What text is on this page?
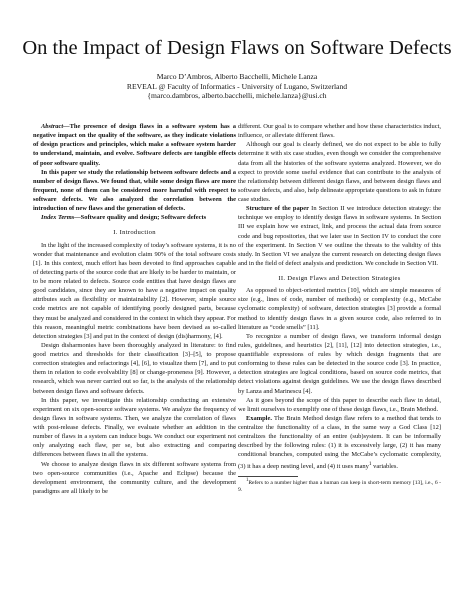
On the Impact of Design Flaws on Software Defects
Marco D’Ambros, Alberto Bacchelli, Michele Lanza
REVEAL @ Faculty of Informatics - University of Lugano, Switzerland
{marco.dambros, alberto.bacchelli, michele.lanza}@usi.ch

Abstract—The presence of design flaws in a software system has a negative impact on the quality of the software, as they indicate violations of design practices and principles, which make a software system harder to understand, maintain, and evolve. Software defects are tangible effects of poor software quality.

In this paper we study the relationship between software defects and a number of design flaws. We found that, while some design flaws are more frequent, none of them can be considered more harmful with respect to software defects. We also analyzed the correlation between the introduction of new flaws and the generation of defects.

Index Terms—Software quality and design; Software defects

I. Introduction

In the light of the increased complexity of today’s software systems, it is no wonder that maintenance and evolution claim 90% of the total software costs [1]. In this context, much effort has been devoted to find approaches capable of detecting parts of the source code that are likely to be harder to maintain, or to be more related to defects. Source code entities that have design flaws are good candidates, since they are known to have a negative impact on quality attributes such as flexibility or maintainability [2]. However, simple source code metrics are not capable of identifying poorly designed parts, because they must be analyzed and considered in the context in which they appear. For this reason, meaningful metric combinations have been devised as so-called detection strategies [3] and put in the context of design (dis)harmony, [4].

Design disharmonies have been thoroughly analyzed in literature: to find good metrics and thresholds for their classification [3]–[5], to propose correction strategies and refactorings [4], [6], to visualize them [7], and to put them in relation to code evolvability [8] or change-proneness [9]. However, a research, which was never carried out so far, is the analysis of the relationship between design flaws and software defects.

In this paper, we investigate this relationship conducting an extensive experiment on six open-source software systems. We analyze the frequency of design flaws in software systems. Then, we analyze the correlation of flaws with post-release defects. Finally, we evaluate whether an addition in the number of flaws in a system can induce bugs. We conduct our experiment not only analyzing each flaw, per se, but also extracting and comparing differences between flaws in all the systems.

We choose to analyze design flaws in six different software systems from two open-source communities (i.e., Apache and Eclipse) because the development environment, the community culture, and the development paradigms are all likely to be

different. Our goal is to compare whether and how these characteristics induct, influence, or alleviate different flaws.

Although our goal is clearly defined, we do not expect to be able to fully determine it with six case studies, even though we consider the comprehensive data from all the histories of the software systems analyzed. However, we do expect to provide some useful evidence that can contribute to the analysis of the relationship between different design flaws, and between design flaws and software defects, and also, help delineate appropriate questions to ask in future case studies.

Structure of the paper In Section II we introduce detection strategy: the technique we employ to identify design flaws in software systems. In Section III we explain how we extract, link, and process the actual data from source code and bug repositories, that we later use in Section IV to conduct the core of the experiment. In Section V we outline the threats to the validity of this study. In Section VI we analyze the current research on detecting design flaws and in the field of defect analysis and prediction. We conclude in Section VII.

II. Design Flaws and Detection Strategies

As opposed to object-oriented metrics [10], which are simple measures of size (e.g., lines of code, number of methods) or complexity (e.g., McCabe cyclomatic complexity) of software, detection strategies [3] provide a formal method to identify design flaws in a given source code, also referred to in literature as “code smells” [11].

To recognize a number of design flaws, we transform informal design rules, guidelines, and heuristics [2], [11], [12] into detection strategies, i.e., quantifiable expressions of rules by which design fragments that are conforming to these rules can be detected in the source code [3]. In practice, detection strategies are logical conditions, based on source code metrics, that detect violations against design guidelines. We use the design flaws described by Lanza and Marinescu [4].

As it goes beyond the scope of this paper to describe each flaw in detail, we limit ourselves to exemplify one of these design flaws, i.e., Brain Method.

Example. The Brain Method design flaw refers to a method that tends to centralize the functionality of a class, in the same way a God Class [12] centralizes the functionality of an entire (sub)system. It can be informally described by the following rules: (1) it is excessively large, (2) it has many conditional branches, computed using the McCabe’s cyclomatic complexity, (3) it has a deep nesting level, and (4) it uses many$^1$ variables.

$^1$Refers to a number higher than a human can keep in short-term memory [13], i.e., 6 - 9.
